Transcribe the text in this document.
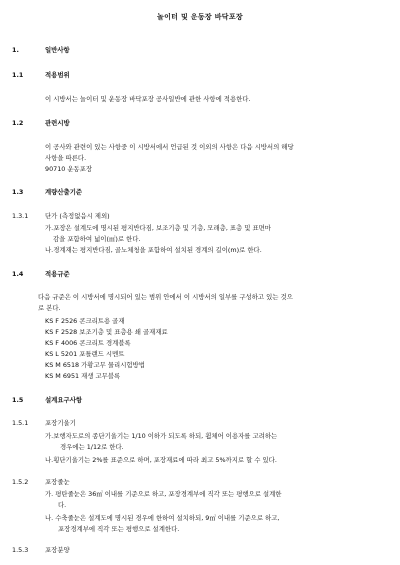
놀이터 및 운동장 바닥포장
1.	일반사항
1.1	적용범위
이 시방서는 놀이터 및 운동장 바닥포장 공사일반에 관한 사항에 적용한다.
1.2	관련시방
이 공사와 관련이 있는 사항중 이 시방서에서 언급된 것 이외의 사항은 다음 시방서의 해당
사항을 따른다.
90710 운동포장
1.3	계량산출기준
1.3.1	단가 (측정없음시 제외)
가.포장은 설계도에 명시된 평지반다짐, 보조기층 및 기층, 모래층, 표층 및 표면마
감을 포함하여 넓이(㎡)로 한다.
나.경계재는 평지반다짐, 골노체청을 포함하여 설치된 경계의 길이(m)로 한다.
1.4	적용규준
다음 규준은 이 시방서에 명시되어 있는 범위 안에서 이 시방서의 일부를 구성하고 있는 것으
로 본다.
KS F 2526 콘크리트용 골재
KS F 2528 보조기층 및 표층용 쇄 골재재료
KS F 4006 콘크리트 경계블록
KS L 5201 포틀랜드 시멘트
KS M 6518 가황고무 물리시험방법
KS M 6951 재생 고무블록
1.5	설계요구사항
1.5.1	포장기울기
가.보행자도로의 종단기울기는 1/10 이하가 되도록 하되, 휠체어 이용자를 고려하는
경우에는 1/12로 한다.
나.횡단기울기는 2%를 표준으로 하며, 포장재료에 따라 최고 5%까지로 할 수 있다.
1.5.2	포장줄눈
가. 평탄줄눈은 36㎡ 이내를 기준으로 하고, 포장경계부에 직각 또는 평행으로 설계한
다.
나. 수축줄눈은 설계도에 명시된 경우에 한하여 설치하되, 9㎡ 이내를 기준으로 하고,
포장경계부에 직각 또는 평행으로 설계한다.
1.5.3	포장분양
